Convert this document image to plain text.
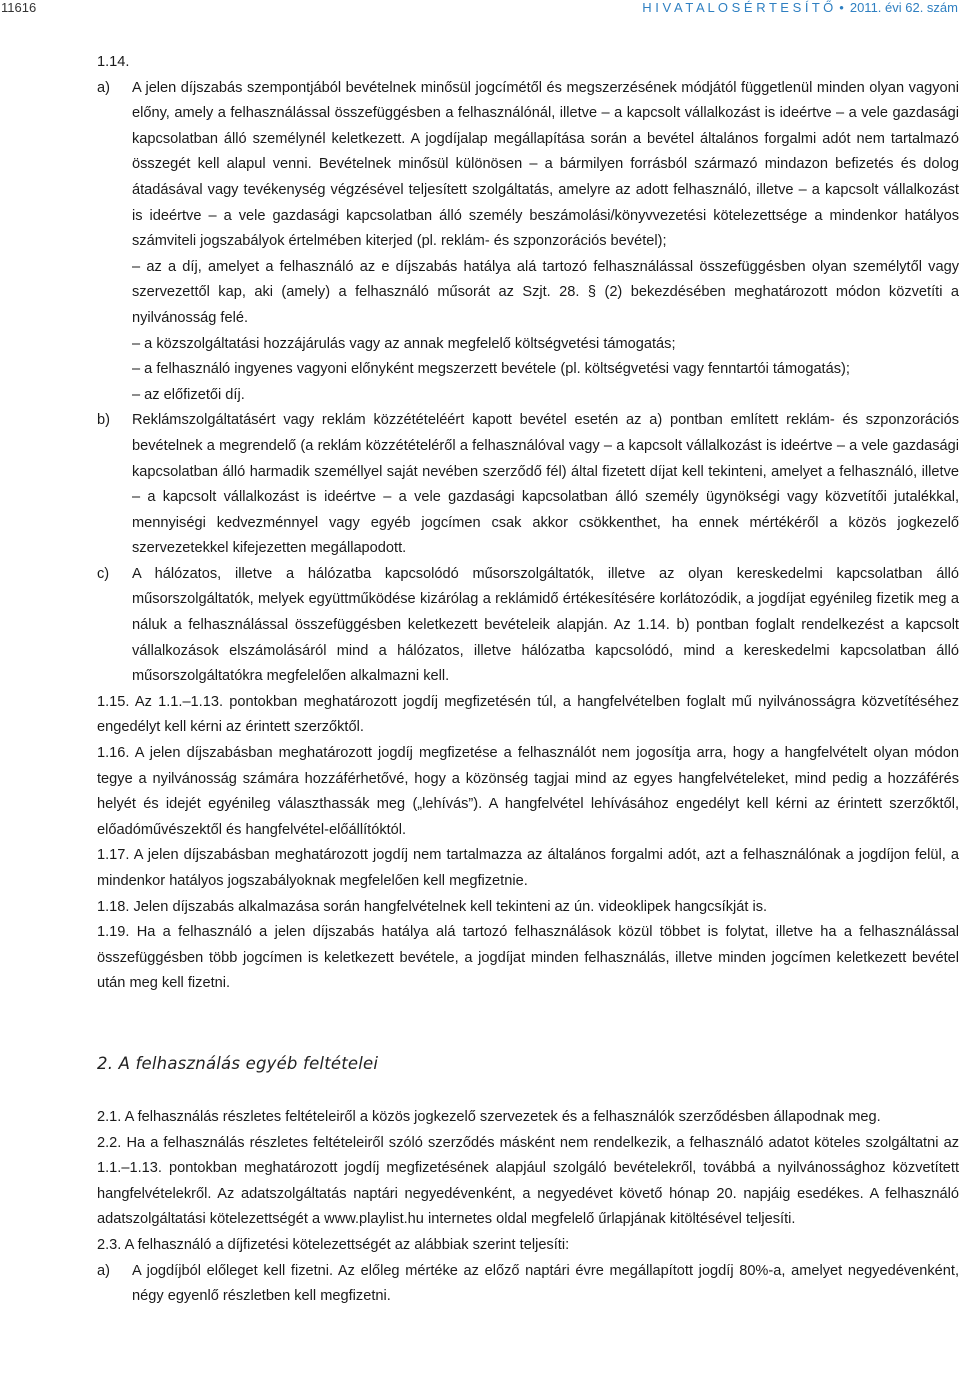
11616	H I V A T A L O S É R T E S Í T Ő • 2011. évi 62. szám

1.14.

a) A jelen díjszabás szempontjából bevételnek minősül jogcímétől és megszerzésének módjától függetlenül minden olyan vagyoni előny, amely a felhasználással összefüggésben a felhasználónál, illetve – a kapcsolt vállalkozást is ideértve – a vele gazdasági kapcsolatban álló személynél keletkezett. A jogdíjalap megállapítása során a bevétel általános forgalmi adót nem tartalmazó összegét kell alapul venni. Bevételnek minősül különösen – a bármilyen forrásból származó mindazon befizetés és dolog átadásával vagy tevékenység végzésével teljesített szolgáltatás, amelyre az adott felhasználó, illetve – a kapcsolt vállalkozást is ideértve – a vele gazdasági kapcsolatban álló személy beszámolási/könyvvezetési kötelezettsége a mindenkor hatályos számviteli jogszabályok értelmében kiterjed (pl. reklám- és szponzorációs bevétel);

– az a díj, amelyet a felhasználó az e díjszabás hatálya alá tartozó felhasználással összefüggésben olyan személytől vagy szervezettől kap, aki (amely) a felhasználó műsorát az Szjt. 28. § (2) bekezdésében meghatározott módon közvetíti a nyilvánosság felé.

– a közszolgáltatási hozzájárulás vagy az annak megfelelő költségvetési támogatás;

– a felhasználó ingyenes vagyoni előnyként megszerzett bevétele (pl. költségvetési vagy fenntartói támogatás);

– az előfizetői díj.

b) Reklámszolgáltatásért vagy reklám közzétételéért kapott bevétel esetén az a) pontban említett reklám- és szponzorációs bevételnek a megrendelő (a reklám közzétételéről a felhasználóval vagy – a kapcsolt vállalkozást is ideértve – a vele gazdasági kapcsolatban álló harmadik személlyel saját nevében szerződő fél) által fizetett díjat kell tekinteni, amelyet a felhasználó, illetve – a kapcsolt vállalkozást is ideértve – a vele gazdasági kapcsolatban álló személy ügynökségi vagy közvetítői jutalékkal, mennyiségi kedvezménnyel vagy egyéb jogcímen csak akkor csökkenthet, ha ennek mértékéről a közös jogkezelő szervezetekkel kifejezetten megállapodott.

c) A hálózatos, illetve a hálózatba kapcsolódó műsorszolgáltatók, illetve az olyan kereskedelmi kapcsolatban álló műsorszolgáltatók, melyek együttműködése kizárólag a reklámidő értékesítésére korlátozódik, a jogdíjat egyénileg fizetik meg a náluk a felhasználással összefüggésben keletkezett bevételeik alapján. Az 1.14. b) pontban foglalt rendelkezést a kapcsolt vállalkozások elszámolásáról mind a hálózatos, illetve hálózatba kapcsolódó, mind a kereskedelmi kapcsolatban álló műsorszolgáltatókra megfelelően alkalmazni kell.

1.15. Az 1.1.–1.13. pontokban meghatározott jogdíj megfizetésén túl, a hangfelvételben foglalt mű nyilvánosságra közvetítéséhez engedélyt kell kérni az érintett szerzőktől.

1.16. A jelen díjszabásban meghatározott jogdíj megfizetése a felhasználót nem jogosítja arra, hogy a hangfelvételt olyan módon tegye a nyilvánosság számára hozzáférhetővé, hogy a közönség tagjai mind az egyes hangfelvételeket, mind pedig a hozzáférés helyét és idejét egyénileg választhassák meg („lehívás”). A hangfelvétel lehívásához engedélyt kell kérni az érintett szerzőktől, előadóművészektől és hangfelvétel-előállítóktól.

1.17. A jelen díjszabásban meghatározott jogdíj nem tartalmazza az általános forgalmi adót, azt a felhasználónak a jogdíjon felül, a mindenkor hatályos jogszabályoknak megfelelően kell megfizetnie.

1.18. Jelen díjszabás alkalmazása során hangfelvételnek kell tekinteni az ún. videoklipek hangcsíkját is.

1.19. Ha a felhasználó a jelen díjszabás hatálya alá tartozó felhasználások közül többet is folytat, illetve ha a felhasználással összefüggésben több jogcímen is keletkezett bevétele, a jogdíjat minden felhasználás, illetve minden jogcímen keletkezett bevétel után meg kell fizetni.

2. A felhasználás egyéb feltételei

2.1. A felhasználás részletes feltételeiről a közös jogkezelő szervezetek és a felhasználók szerződésben állapodnak meg.

2.2. Ha a felhasználás részletes feltételeiről szóló szerződés másként nem rendelkezik, a felhasználó adatot köteles szolgáltatni az 1.1.–1.13. pontokban meghatározott jogdíj megfizetésének alapjául szolgáló bevételekről, továbbá a nyilvánossághoz közvetített hangfelvételekről. Az adatszolgáltatás naptári negyedévenként, a negyedévet követő hónap 20. napjáig esedékes. A felhasználó adatszolgáltatási kötelezettségét a www.playlist.hu internetes oldal megfelelő űrlapjának kitöltésével teljesíti.

2.3. A felhasználó a díjfizetési kötelezettségét az alábbiak szerint teljesíti:

a) A jogdíjból előleget kell fizetni. Az előleg mértéke az előző naptári évre megállapított jogdíj 80%-a, amelyet negyedévenként, négy egyenlő részletben kell megfizetni.
